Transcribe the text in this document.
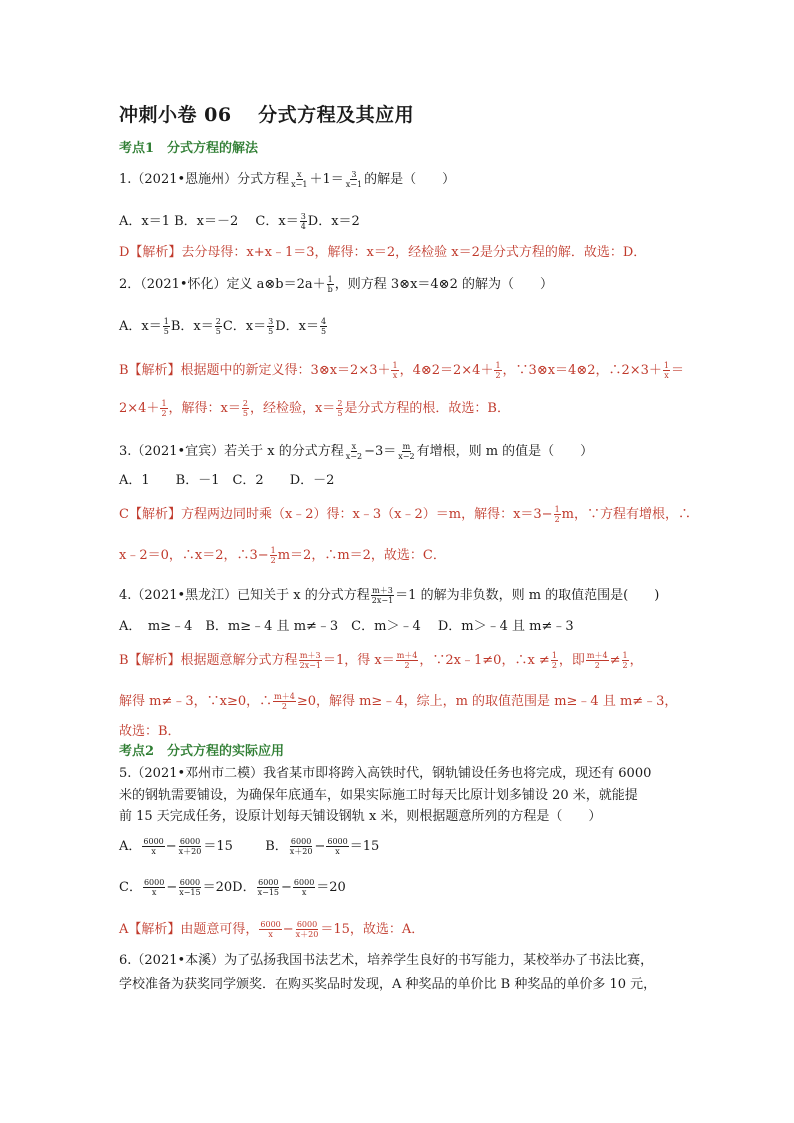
冲刺小卷 06　 分式方程及其应用
考点1　分式方程的解法
1.（2021•恩施州）分式方程 $\frac{x}{x-1} +1= \frac{3}{x-1}$ 的解是（　　）
A．x＝1 B．x＝－2　 C．$x= \frac{3}{4}$ D．x＝2
D【解析】去分母得：x+x﹣1＝3，解得：x＝2，经检验 x＝2是分式方程的解．故选：D．
2．（2021•怀化）定义 a⊗b＝2a＋ $\frac{1}{b}$ ，则方程 3⊗x＝4⊗2 的解为（　　）
A．$x= \frac{1}{5}$ B．$x= \frac{2}{5}$ C．$x= \frac{3}{5}$ D．$x= \frac{4}{5}$
B【解析】根据题中的新定义得：3⊗x＝2×3＋ $\frac{1}{x}$ ，4⊗2＝2×4＋ $\frac{1}{2}$ ，∵3⊗x＝4⊗2，∴2×3＋ $\frac{1}{x}$ ＝
$2\times 4+ \frac{1}{2}$ ，解得：$x= \frac{2}{5}$ ，经检验，$x= \frac{2}{5}$ 是分式方程的根．故选：B．
3.（2021•宜宾）若关于 x 的分式方程 $\frac{x}{x-2} -3= \frac{m}{x-2}$ 有增根，则 m 的值是（　　）
A．1　　B．－1　C．2　　D．－2
C【解析】方程两边同时乘（x﹣2）得：x﹣3（x﹣2）＝m，解得：$x=3- \frac{1}{2}$ m，∵方程有增根，∴
x﹣2＝0，∴x＝2，∴3− $\frac{1}{2} m=2$，∴m＝2，故选：C．
4.（2021•黑龙江）已知关于 x 的分式方程 $\frac{m+3}{2x-1} =1$ 的解为非负数，则 m 的取值范围是(　　)
A．　m≥﹣4　B．m≥﹣4 且 m≠﹣3　C．m＞﹣4　 D．m＞﹣4 且 m≠﹣3
B【解析】根据题意解分式方程 $\frac{m+3}{2x-1} =1$，得 $x= \frac{m+4}{2}$ ，∵2x﹣1≠0，∴x ≠ $\frac{1}{2}$ ，即 $\frac{m+4}{2} \ne \frac{1}{2}$ ，
解得 m≠﹣3，∵x≥0，∴ $\frac{m+4}{2} \ge 0$，解得 m≥﹣4，综上，m 的取值范围是 m≥﹣4 且 m≠﹣3，
故选：B．
考点2　分式方程的实际应用
5.（2021•邓州市二模）我省某市即将跨入高铁时代，钢轨铺设任务也将完成，现还有 6000
米的钢轨需要铺设，为确保年底通车，如果实际施工时每天比原计划多铺设 20 米，就能提
前 15 天完成任务，设原计划每天铺设钢轨 x 米，则根据题意所列的方程是（　　）
A． $\frac{6000}{x} - \frac{6000}{x+20} =15$ B． $\frac{6000}{x+20} - \frac{6000}{x} =15$
C． $\frac{6000}{x} - \frac{6000}{x-15} =20D$． $\frac{6000}{x-15} - \frac{6000}{x} =20$
A【解析】由题意可得， $\frac{6000}{x} - \frac{6000}{x+20} =15$，故选：A．
6.（2021•本溪）为了弘扬我国书法艺术，培养学生良好的书写能力，某校举办了书法比赛，
学校准备为获奖同学颁奖．在购买奖品时发现，A 种奖品的单价比 B 种奖品的单价多 10 元，
